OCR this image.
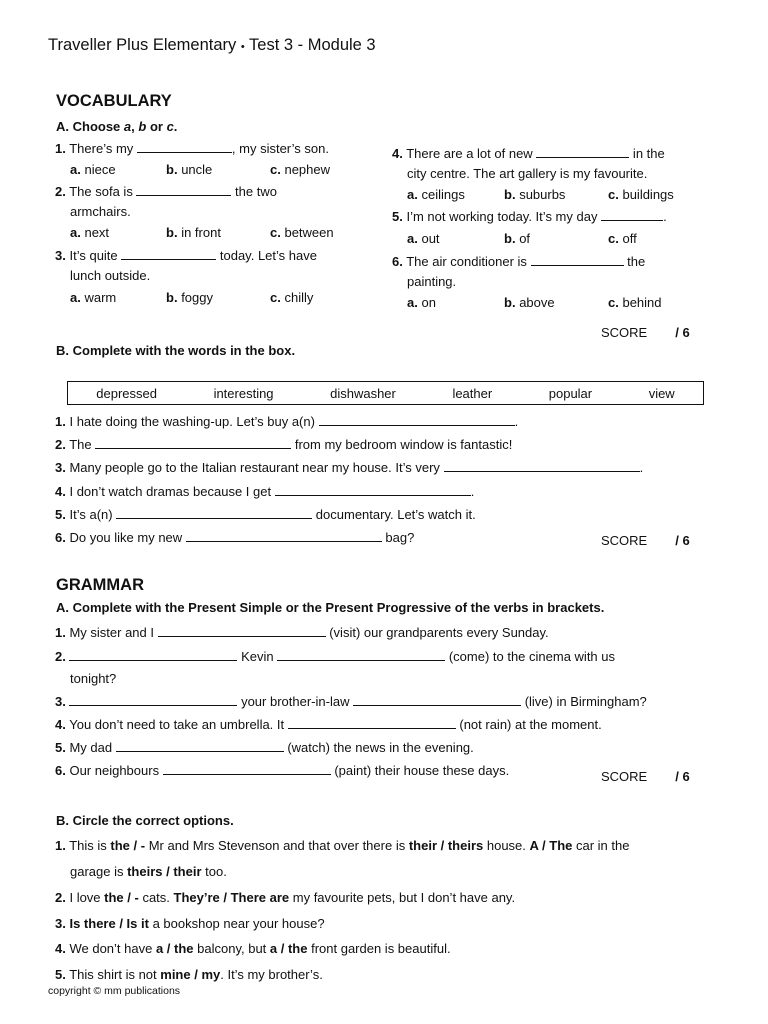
Traveller Plus Elementary • Test 3 - Module 3
VOCABULARY
A. Choose a, b or c.
1. There’s my	, my sister’s son.
a. niece	b. uncle	c. nephew
2. The sofa is	the two
armchairs.
a. next	b. in front	c. between
3. It’s quite	today. Let’s have
lunch outside.
a. warm	b. foggy	c. chilly
4. There are a lot of new	in the
city centre. The art gallery is my favourite.
a. ceilings	b. suburbs	c. buildings
5. I’m not working today. It’s my day	.
a. out	b. of	c. off
6. The air conditioner is	the
painting.
a. on	b. above	c. behind
SCORE / 6
B. Complete with the words in the box.
depressed	interesting	dishwasher	leather	popular	view
1. I hate doing the washing-up. Let’s buy a(n)	.
2. The	from my bedroom window is fantastic!
3. Many people go to the Italian restaurant near my house. It’s very	.
4. I don’t watch dramas because I get	.
5. It’s a(n)	documentary. Let’s watch it.
6. Do you like my new	bag?	SCORE / 6
GRAMMAR
A. Complete with the Present Simple or the Present Progressive of the verbs in brackets.
1. My sister and I	(visit) our grandparents every Sunday.
2.	Kevin	(come) to the cinema with us
tonight?
3.	your brother-in-law	(live) in Birmingham?
4. You don’t need to take an umbrella. It	(not rain) at the moment.
5. My dad	(watch) the news in the evening.
6. Our neighbours	(paint) their house these days.	SCORE / 6
B. Circle the correct options.
1. This is the / - Mr and Mrs Stevenson and that over there is their / theirs house. A / The car in the
garage is theirs / their too.
2. I love the / - cats. They’re / There are my favourite pets, but I don’t have any.
3. Is there / Is it a bookshop near your house?
4. We don’t have a / the balcony, but a / the front garden is beautiful.
5. This shirt is not mine / my. It’s my brother’s.
copyright © mm publications
